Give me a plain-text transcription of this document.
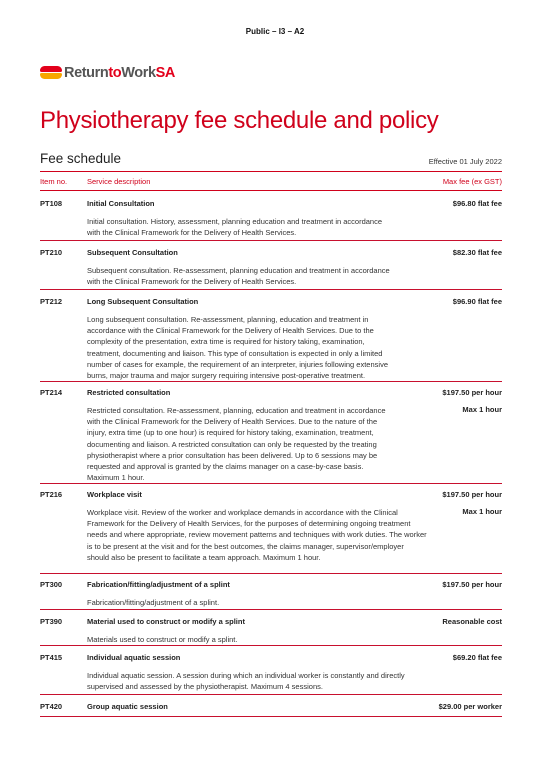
Public – I3 – A2
ReturntoWorkSA
Physiotherapy fee schedule and policy
Fee schedule	Effective 01 July 2022
Item no.	Service description	Max fee (ex GST)
PT108	Initial Consultation	$96.80 flat fee
Initial consultation. History, assessment, planning education and treatment in accordance with the Clinical Framework for the Delivery of Health Services.
PT210	Subsequent Consultation	$82.30 flat fee
Subsequent consultation. Re-assessment, planning education and treatment in accordance with the Clinical Framework for the Delivery of Health Services.
PT212	Long Subsequent Consultation	$96.90 flat fee
Long subsequent consultation. Re-assessment, planning, education and treatment in accordance with the Clinical Framework for the Delivery of Health Services. Due to the complexity of the presentation, extra time is required for history taking, examination, treatment, documenting and liaison. This type of consultation is expected in only a limited number of cases for example, the requirement of an interpreter, injuries following extensive burns, major trauma and major surgery requiring intensive post-operative treatment.
PT214	Restricted consultation	$197.50 per hour
Max 1 hour
Restricted consultation. Re-assessment, planning, education and treatment in accordance with the Clinical Framework for the Delivery of Health Services. Due to the nature of the injury, extra time (up to one hour) is required for history taking, examination, treatment, documenting and liaison. A restricted consultation can only be requested by the treating physiotherapist where a prior consultation has been delivered. Up to 6 sessions may be requested and approval is granted by the claims manager on a case-by-case basis. Maximum 1 hour.
PT216	Workplace visit	$197.50 per hour
Max 1 hour
Workplace visit. Review of the worker and workplace demands in accordance with the Clinical Framework for the Delivery of Health Services, for the purposes of determining ongoing treatment needs and where appropriate, review movement patterns and techniques with work duties. The worker is to be present at the visit and for the best outcomes, the claims manager, supervisor/employer should also be present to facilitate a team approach. Maximum 1 hour.
PT300	Fabrication/fitting/adjustment of a splint	$197.50 per hour
Fabrication/fitting/adjustment of a splint.
PT390	Material used to construct or modify a splint	Reasonable cost
Materials used to construct or modify a splint.
PT415	Individual aquatic session	$69.20 flat fee
Individual aquatic session. A session during which an individual worker is constantly and directly supervised and assessed by the physiotherapist. Maximum 4 sessions.
PT420	Group aquatic session	$29.00 per worker
